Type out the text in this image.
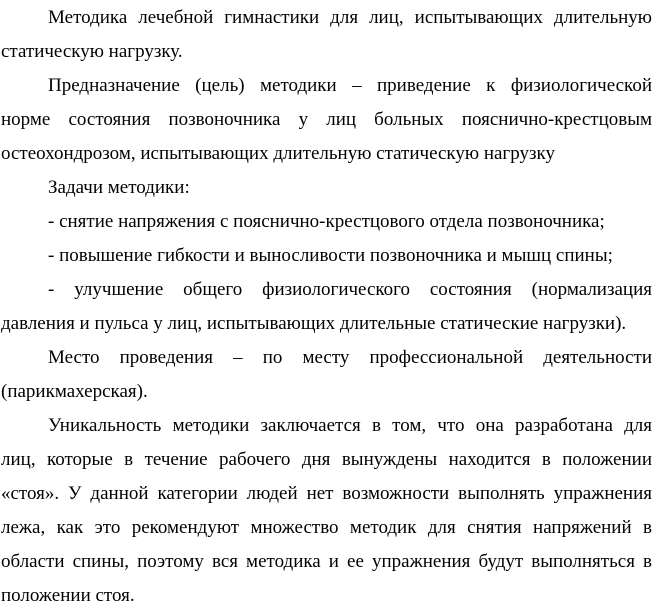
Методика лечебной гимнастики для лиц, испытывающих длительную
статическую нагрузку.
Предназначение (цель) методики – приведение к физиологической
норме состояния позвоночника у лиц больных пояснично-крестцовым
остеохондрозом, испытывающих длительную статическую нагрузку
Задачи методики:
- снятие напряжения с пояснично-крестцового отдела позвоночника;
- повышение гибкости и выносливости позвоночника и мышц спины;
- улучшение общего физиологического состояния (нормализация
давления и пульса у лиц, испытывающих длительные статические нагрузки).
Место проведения – по месту профессиональной деятельности
(парикмахерская).
Уникальность методики заключается в том, что она разработана для
лиц, которые в течение рабочего дня вынуждены находится в положении
«стоя». У данной категории людей нет возможности выполнять упражнения
лежа, как это рекомендуют множество методик для снятия напряжений в
области спины, поэтому вся методика и ее упражнения будут выполняться в
положении стоя.
